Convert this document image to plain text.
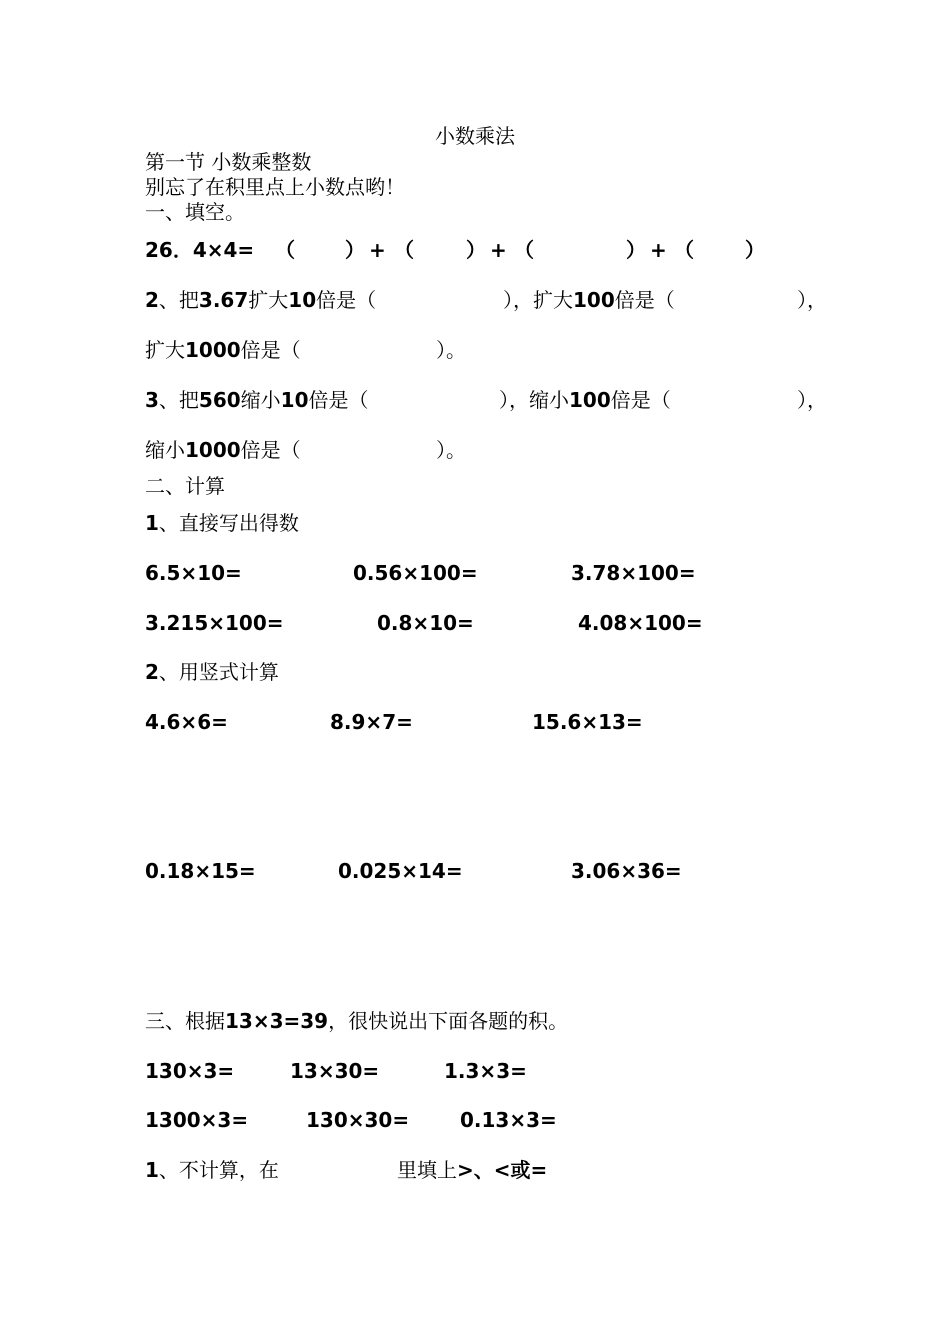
小数乘法
第一节 小数乘整数
别忘了在积里点上小数点哟！
一、填空。
26．4×4= （	） + （	） + （	） + （	）
2、把3.67扩大10倍是（	），扩大100倍是（	），
扩大1000倍是（	）。
3、把560缩小10倍是（	），缩小100倍是（	），
缩小1000倍是（	）。
二、计算
1、直接写出得数
6.5×10=	0.56×100=	3.78×100=
3.215×100=	0.8×10=	4.08×100=
2、用竖式计算
4.6×6=	8.9×7=	15.6×13=
0.18×15=	0.025×14=	3.06×36=
三、根据13×3=39，很快说出下面各题的积。
130×3=	13×30=	1.3×3=
1300×3=	130×30=	0.13×3=
1、不计算，在	里填上>、<或=
